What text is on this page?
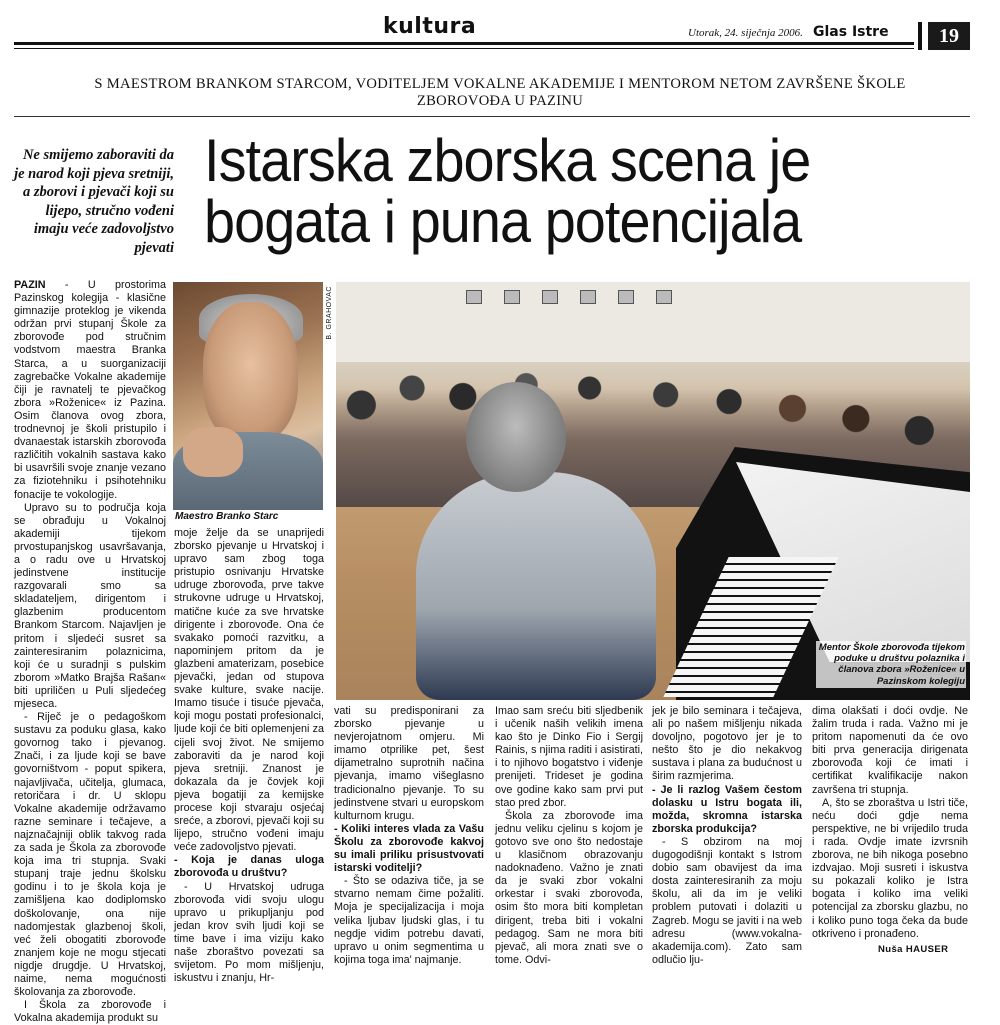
kultura	Utorak, 24. siječnja 2006. Glas Istre	19
S MAESTROM BRANKOM STARCOM, VODITELJEM VOKALNE AKADEMIJE I MENTOROM NETOM ZAVRŠENE ŠKOLE ZBOROVOĐA U PAZINU
Ne smijemo zaboraviti da je narod koji pjeva sretniji, a zborovi i pjevači koji su lijepo, stručno vođeni imaju veće zadovoljstvo pjevati
Istarska zborska scena je
bogata i puna potencijala

PAZIN - U prostorima Pazinskog kolegija - klasične gimnazije proteklog je vikenda održan prvi stupanj Škole za zborovođe pod stručnim vodstvom maestra Branka Starca, a u suorganizaciji zagrebačke Vokalne akademije čiji je ravnatelj te pjevačkog zbora »Roženice« iz Pazina. Osim članova ovog zbora, trodnevnoj je školi pristupilo i dvanaestak istarskih zborovođa različitih vokalnih sastava kako bi usavršili svoje znanje vezano za fiziotehniku i psihotehniku fonacije te vokologije.

Upravo su to područja koja se obrađuju u Vokalnoj akademiji tijekom prvostupanjskog usavršavanja, a o radu ove u Hrvatskoj jedinstvene institucije razgovarali smo sa skladateljem, dirigentom i glazbenim producentom Brankom Starcom. Najavljen je pritom i sljedeći susret sa zainteresiranim polaznicima, koji će u suradnji s pulskim zborom »Matko Brajša Rašan« biti upriličen u Puli sljedećeg mjeseca.

- Riječ je o pedagoškom sustavu za poduku glasa, kako govornog tako i pjevanog. Znači, i za ljude koji se bave govorništvom - poput spikera, najavljivača, učitelja, glumaca, retoričara i dr. U sklopu Vokalne akademije održavamo razne seminare i tečajeve, a najznačajniji oblik takvog rada za sada je Škola za zborovođe koja ima tri stupnja. Svaki stupanj traje jednu školsku godinu i to je škola koja je zamišljena kao dodiplomsko doškolovanje, ona nije nadomjestak glazbenoj školi, već želi obogatiti zborovođe znanjem koje ne mogu stjecati nigdje drugdje. U Hrvatskoj, naime, nema mogućnosti školovanja za zborovođe.

I Škola za zborovođe i Vokalna akademija produkt su

Maestro Branko Starc
B. GRAHOVAC

moje želje da se unaprijedi zborsko pjevanje u Hrvatskoj i upravo sam zbog toga pristupio osnivanju Hrvatske udruge zborovođa, prve takve strukovne udruge u Hrvatskoj, matične kuće za sve hrvatske dirigente i zborovođe. Ona će svakako pomoći razvitku, a napominjem pritom da je glazbeni amaterizam, posebice pjevački, jedan od stupova svake kulture, svake nacije. Imamo tisuće i tisuće pjevača, koji mogu postati profesionalci, ljude koji će biti oplemenjeni za cijeli svoj život. Ne smijemo zaboraviti da je narod koji pjeva sretniji. Znanost je dokazala da je čovjek koji pjeva bogatiji za kemijske procese koji stvaraju osjećaj sreće, a zborovi, pjevači koji su lijepo, stručno vođeni imaju veće zadovoljstvo pjevati.

- Koja je danas uloga zborovođa u društvu?

- U Hrvatskoj udruga zborovođa vidi svoju ulogu upravo u prikupljanju pod jedan krov svih ljudi koji se time bave i ima viziju kako naše zboraštvo povezati sa svijetom. Po mom mišljenju, iskustvu i znanju, Hr-

Mentor Škole zborovođa tijekom poduke u društvu polaznika i članova zbora »Roženice« u Pazinskom kolegiju

vati su predisponirani za zborsko pjevanje u nevjerojatnom omjeru. Mi imamo otprilike pet, šest dijametralno suprotnih načina pjevanja, imamo višeglasno tradicionalno pjevanje. To su jedinstvene stvari u europskom kulturnom krugu.

- Koliki interes vlada za Vašu Školu za zborovođe kakvoj su imali priliku prisustvovati istarski voditelji?

- Što se odaziva tiče, ja se stvarno nemam čime požaliti. Moja je specijalizacija i moja velika ljubav ljudski glas, i tu negdje vidim potrebu davati, upravo u onim segmentima u kojima toga ima' najmanje.

Imao sam sreću biti sljedbenik i učenik naših velikih imena kao što je Dinko Fio i Sergij Rainis, s njima raditi i asistirati, i to njihovo bogatstvo i viđenje prenijeti. Trideset je godina ove godine kako sam prvi put stao pred zbor.

Škola za zborovođe ima jednu veliku cjelinu s kojom je gotovo sve ono što nedostaje u klasičnom obrazovanju nadoknađeno. Važno je znati da je svaki zbor vokalni orkestar i svaki zborovođa, osim što mora biti kompletan dirigent, treba biti i vokalni pedagog. Sam ne mora biti pjevač, ali mora znati sve o tome. Odvi-

jek je bilo seminara i tečajeva, ali po našem mišljenju nikada dovoljno, pogotovo jer je to nešto što je dio nekakvog sustava i plana za budućnost u širim razmjerima.

- Je li razlog Vašem čestom dolasku u Istru bogata ili, možda, skromna istarska zborska produkcija?

- S obzirom na moj dugogodišnji kontakt s Istrom dobio sam obavijest da ima dosta zainteresiranih za moju školu, ali da im je veliki problem putovati i dolaziti u Zagreb. Mogu se javiti i na web adresu (www.vokalna-akademija.com). Zato sam odlučio lju-

dima olakšati i doći ovdje. Ne žalim truda i rada. Važno mi je pritom napomenuti da će ovo biti prva generacija dirigenata zborovođa koji će imati i certifikat kvalifikacije nakon završena tri stupnja.

A, što se zboraštva u Istri tiče, neću doći gdje nema perspektive, ne bi vrijedilo truda i rada. Ovdje imate izvrsnih zborova, ne bih nikoga posebno izdvajao. Moji susreti i iskustva su pokazali koliko je Istra bogata i koliko ima veliki potencijal za zborsku glazbu, no i koliko puno toga čeka da bude otkriveno i pronađeno.

Nuša HAUSER
